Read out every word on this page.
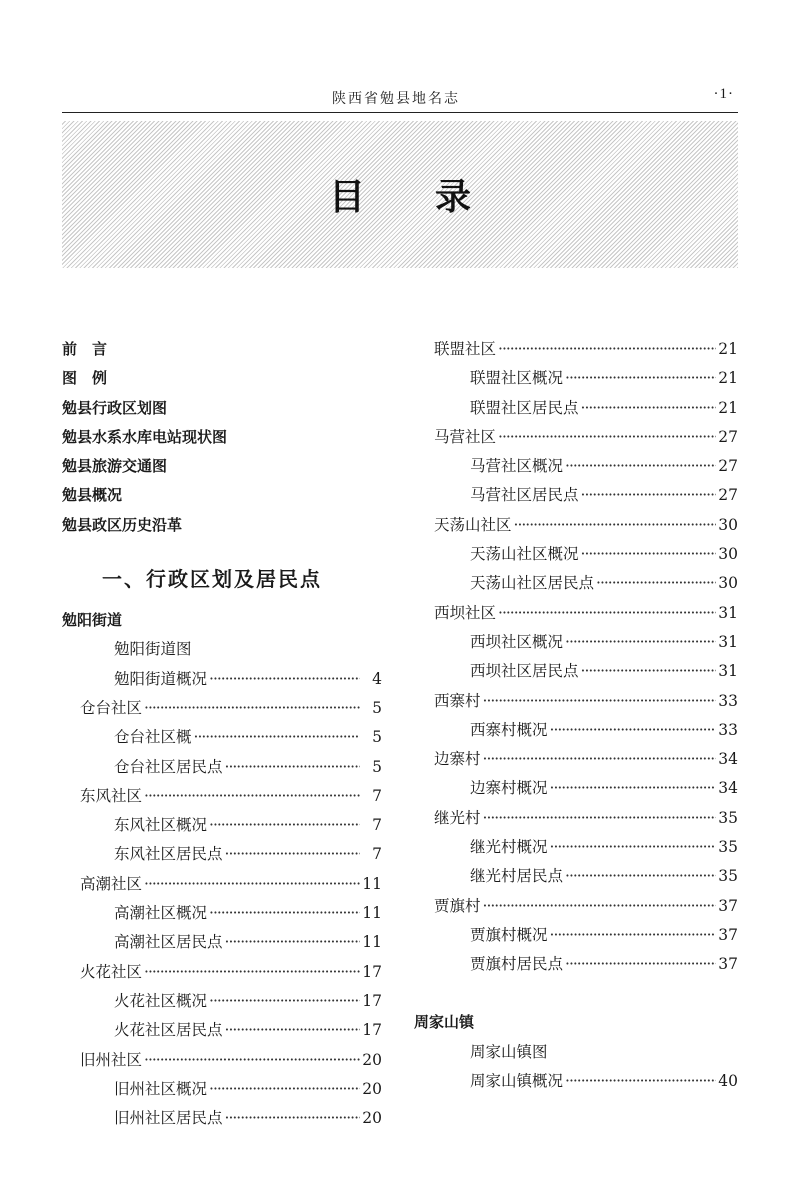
陕西省勉县地名志	·1·
目录
前　言
图　例
勉县行政区划图
勉县水系水库电站现状图
勉县旅游交通图
勉县概况
勉县政区历史沿革
一、行政区划及居民点
勉阳街道
勉阳街道图
勉阳街道概况 ·····	4
仓台社区 ·····	5
仓台社区概 ·····	5
仓台社区居民点 ·····	5
东风社区 ·····	7
东风社区概况 ·····	7
东风社区居民点 ·····	7
高潮社区 ·····	11
高潮社区概况 ·····	11
高潮社区居民点 ·····	11
火花社区 ·····	17
火花社区概况 ·····	17
火花社区居民点 ·····	17
旧州社区 ·····	20
旧州社区概况 ·····	20
旧州社区居民点 ·····	20
联盟社区 ·····	21
联盟社区概况 ·····	21
联盟社区居民点 ·····	21
马营社区 ·····	27
马营社区概况 ·····	27
马营社区居民点 ·····	27
天荡山社区 ·····	30
天荡山社区概况 ·····	30
天荡山社区居民点 ·····	30
西坝社区 ·····	31
西坝社区概况 ·····	31
西坝社区居民点 ·····	31
西寨村 ·····	33
西寨村概况 ·····	33
边寨村 ·····	34
边寨村概况 ·····	34
继光村 ·····	35
继光村概况 ·····	35
继光村居民点 ·····	35
贾旗村 ·····	37
贾旗村概况 ·····	37
贾旗村居民点 ·····	37
周家山镇
周家山镇图
周家山镇概况 ·····	40
